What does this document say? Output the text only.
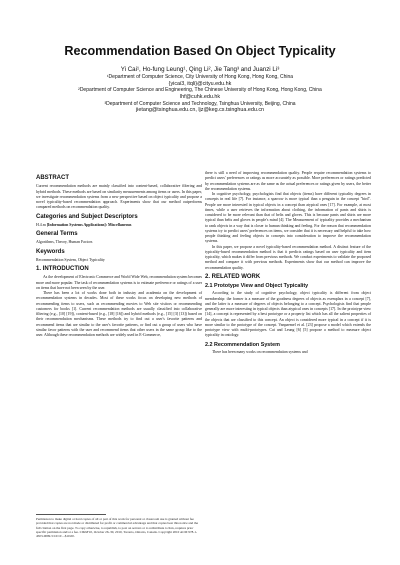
Recommendation Based On Object Typicality
Yi Cai¹, Ho-fung Leung¹, Qing Li², Jie Tang³ and Juanzi Li³
¹Department of Computer Science, City University of Hong Kong, Hong Kong, China
{yicai3, itqli}@cityu.edu.hk
²Department of Computer Science and Engineering, The Chinese University of Hong Kong, Hong Kong, China
lhf@cuhk.edu.hk
³Department of Computer Science and Technology, Tsinghua University, Beijing, China
jietang@tsinghua.edu.cn, ljz@keg.cs.tsinghua.edu.cn
ABSTRACT

Current recommendation methods are mainly classified into content-based, collaborative filtering and hybrid methods. These methods are based on similarity measurements among items or users. In this paper, we investigate recommendation systems from a new perspective based on object typicality and propose a novel typicality-based recommendation approach. Experiments show that our method outperforms compared methods on recommendation quality.

Categories and Subject Descriptors

H.4.m [Information Systems Applications]: Miscellaneous

General Terms

Algorithms, Theory, Human Factors

Keywords

Recommendation System, Object Typicality

1. INTRODUCTION

As the development of Electronic Commerce and World Wide Web, recommendation system becomes more and more popular. The task of recommendation systems is to estimate preference or ratings of a user on items that have not been seen by the user.

There has been a lot of works done both in industry and academia on the development of recommendation systems in decades. Most of these works focus on developing new methods of recommending items to users, such as recommending movies to Web site visitors or recommending customers for books [1]. Current recommendation methods are usually classified into collaborative filtering (e.g., [10] [19]), content-based (e.g., [18] [16]) and hybrid methods (e.g., [15] [3] [13]) based on their recommendation mechanisms. These methods try to find out a user's favorite patterns and recommend items that are similar to the user's favorite patterns, or find out a group of users who have similar favor patterns with the user and recommend items that other users in the same group like to the user. Although these recommendation methods are widely used in E-Commerce,

Permission to make digital or hard copies of all or part of this work for personal or classroom use is granted without fee provided that copies are not made or distributed for profit or commercial advantage and that copies bear this notice and the full citation on the first page. To copy otherwise, to republish, to post on servers or to redistribute to lists, requires prior specific permission and/or a fee. CIKM'10, October 26–30, 2010, Toronto, Ontario, Canada. Copyright 2010 ACM 978-1-4503-0099-5/10/10 ...$10.00.

there is still a need of improving recommendation quality. People require recommendation systems to predict users' preferences or ratings as more accurately as possible. More preferences or ratings predicted by recommendation systems are as the same as the actual preferences or ratings given by users, the better the recommendation systems.

In cognitive psychology, psychologists find that objects (items) have different typicality degrees in concepts in real life [7]. For instance, a sparrow is more typical than a penguin in the concept "bird". People are more interested in typical objects in a concept than atypical ones [17]. For example, at most times, while a user retrieves the information about clothing, the information of pants and shirts is considered to be more relevant than that of belts and gloves. This is because pants and shirts are more typical than belts and gloves in people's mind [4]. The Measurement of typicality provides a mechanism to rank objects in a way that is closer to human thinking and feeling. For the reason that recommendation systems try to predict users' preferences on items, we consider that it is necessary and helpful to take how people thinking and feeling objects in concepts into consideration to improve the recommendation systems.

In this paper, we propose a novel typicality-based recommendation method. A distinct feature of the typicality-based recommendation method is that it predicts ratings based on user typicality and item typicality, which makes it differ from previous methods. We conduct experiments to validate the proposed method and compare it with previous methods. Experiments show that our method can improve the recommendation quality.

2. RELATED WORK
2.1 Prototype View and Object Typicality

According to the study of cognitive psychology, object typicality is different from object membership: the former is a measure of the goodness degrees of objects as exemplars in a concept [7], and the latter is a measure of degrees of objects belonging to a concept. Psychologists find that people generally are more interesting in typical objects than atypical ones in concepts [17]. In the prototype view [14], a concept is represented by a best prototype or a property list which has all the salient properties of the objects that are classified to this concept. An object is considered more typical in a concept if it is more similar to the prototype of the concept. Vanpaemel et al. [23] propose a model which extends the prototype view with multi-prototypes. Cai and Leung [6] [5] propose a method to measure object typicality in ontology.

2.2 Recommendation System

There has been many works on recommendation systems and
